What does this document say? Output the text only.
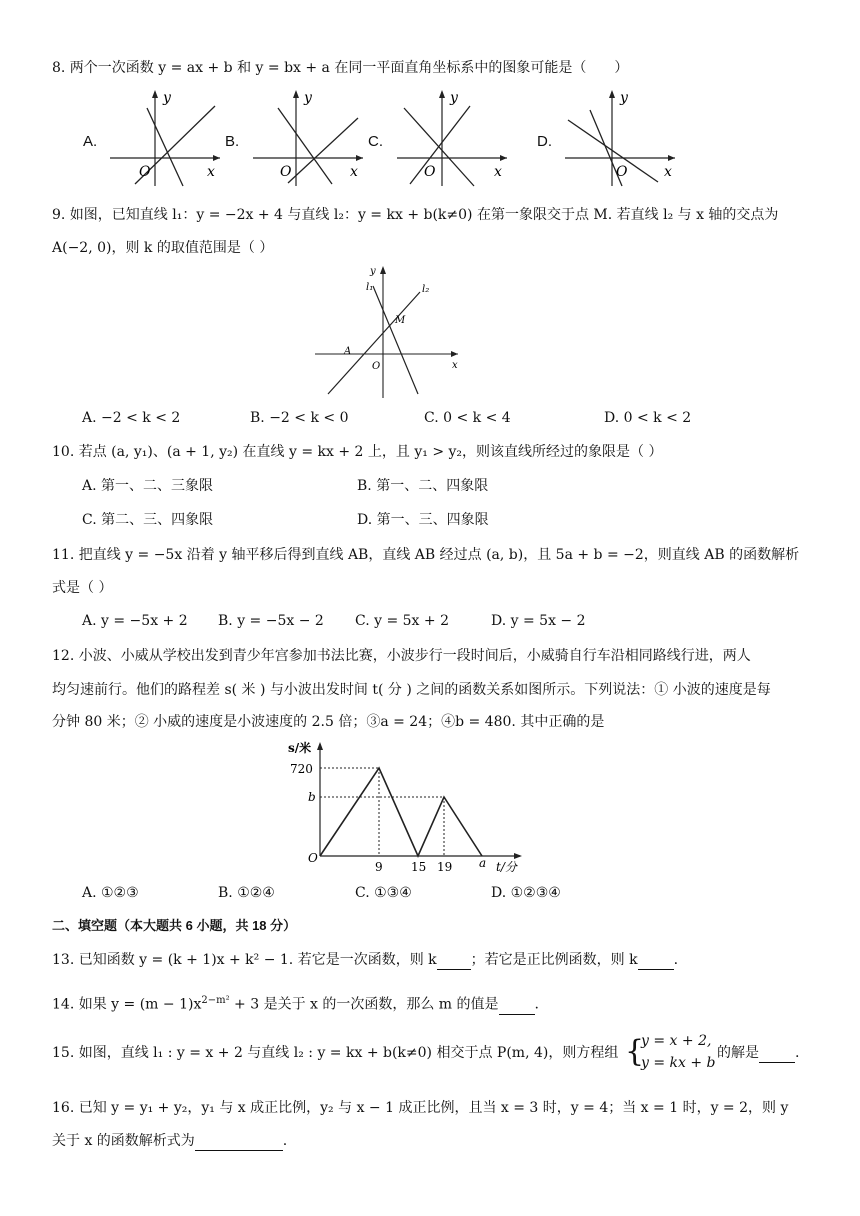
8. 两个一次函数 y = ax + b 和 y = bx + a 在同一平面直角坐标系中的图象可能是（　　）
A.	B.	C.	D.
y
x
O
y
x
O
y
x
O
y
x
O
9. 如图，已知直线 l₁：y = −2x + 4 与直线 l₂：y = kx + b(k≠0) 在第一象限交于点 M. 若直线 l₂ 与 x 轴的交点为
A(−2, 0)，则 k 的取值范围是（ ）
l₁	l₂
M
A
O	x
y
A. −2 < k < 2	B. −2 < k < 0	C. 0 < k < 4	D. 0 < k < 2
10. 若点 (a, y₁)、(a + 1, y₂) 在直线 y = kx + 2 上，且 y₁ > y₂，则该直线所经过的象限是（ ）
A. 第一、二、三象限	B. 第一、二、四象限
C. 第二、三、四象限	D. 第一、三、四象限
11. 把直线 y = −5x 沿着 y 轴平移后得到直线 AB，直线 AB 经过点 (a, b)，且 5a + b = −2，则直线 AB 的函数解析
式是（ ）
A. y = −5x + 2 B. y = −5x − 2 C. y = 5x + 2	D. y = 5x − 2
12. 小波、小威从学校出发到青少年宫参加书法比赛，小波步行一段时间后，小威骑自行车沿相同路线行进，两人
均匀速前行。他们的路程差 s( 米 ) 与小波出发时间 t( 分 ) 之间的函数关系如图所示。下列说法：① 小波的速度是每
分钟 80 米；② 小威的速度是小波速度的 2.5 倍；③a = 24；④b = 480. 其中正确的是
s/米
720
b
O
9 15 19 a t/分
A. ①②③	B. ①②④	C. ①③④	D. ①②③④
二、填空题（本大题共 6 小题，共 18 分）
13. 已知函数 y = (k + 1)x + k² − 1. 若它是一次函数，则 k ；若它是正比例函数，则 k	.
14. 如果 $y = (m - 1)x^{2-m^2} + 3$ 是关于 x 的一次函数，那么 m 的值是	.
15. 如图，直线 l₁ : y = x + 2 与直线 l₂ : y = kx + b(k≠0) 相交于点 P(m, 4)，则方程组 {
y = x + 2,
y = kx + b
的解是	.
16. 已知 y = y₁ + y₂，y₁ 与 x 成正比例，y₂ 与 x − 1 成正比例，且当 x = 3 时，y = 4；当 x = 1 时，y = 2，则 y
关于 x 的函数解析式为	.
